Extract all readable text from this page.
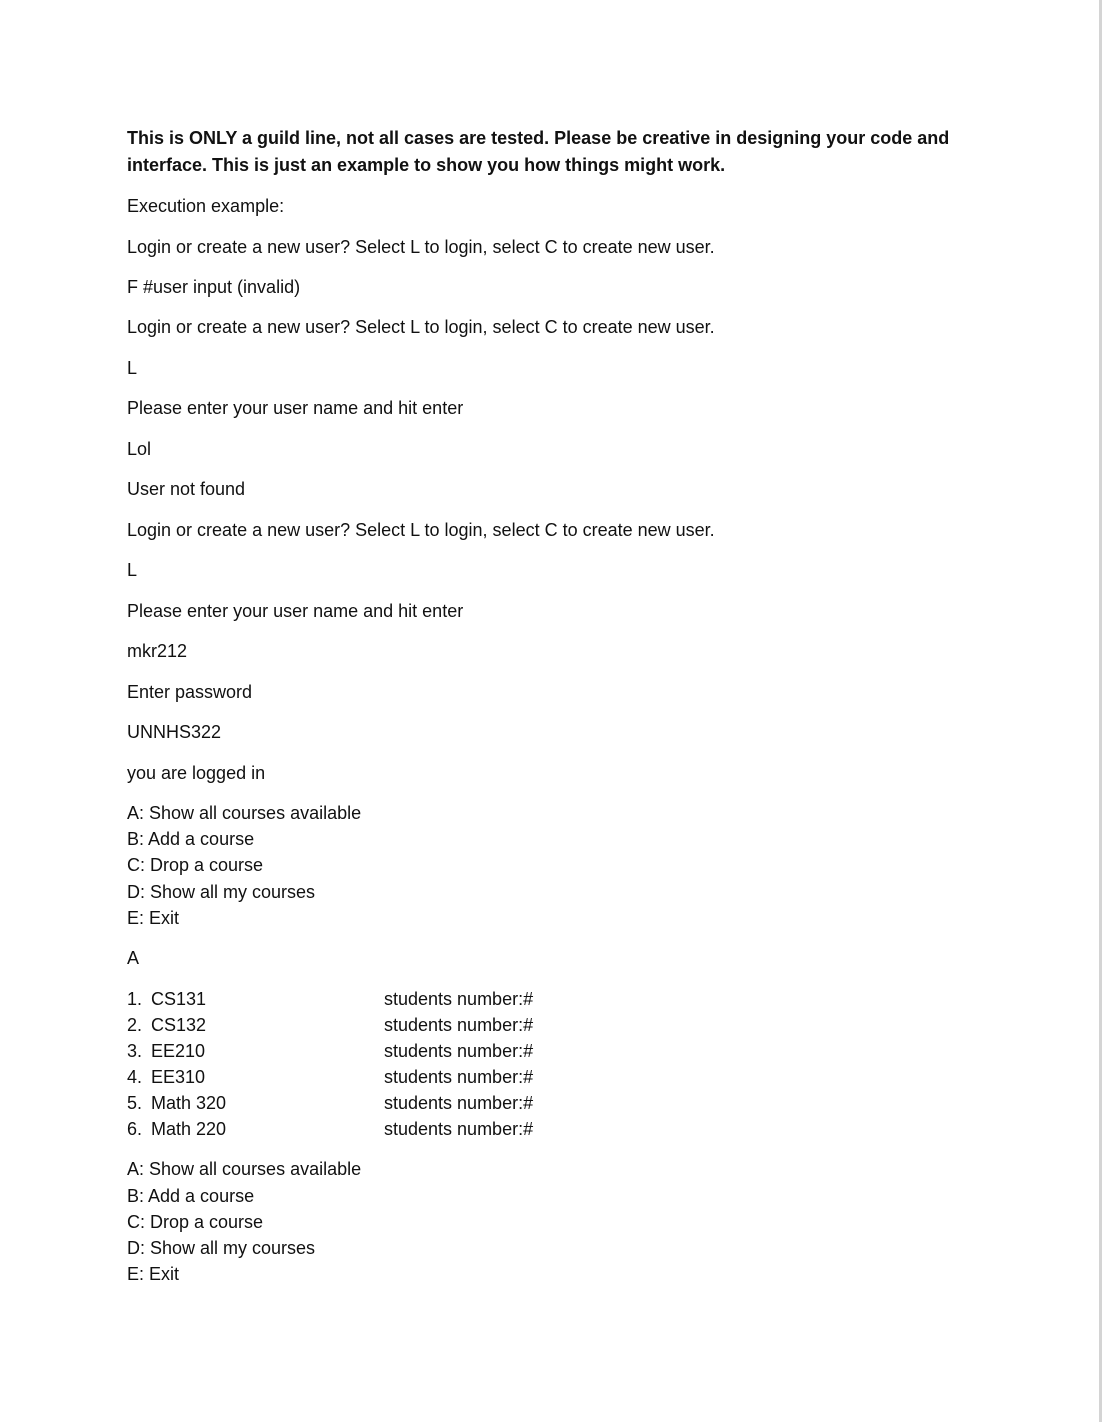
This is ONLY a guild line, not all cases are tested. Please be creative in designing your code and
interface. This is just an example to show you how things might work.
Execution example:
Login or create a new user? Select L to login, select C to create new user.
F #user input (invalid)
Login or create a new user? Select L to login, select C to create new user.
L
Please enter your user name and hit enter
Lol
User not found
Login or create a new user? Select L to login, select C to create new user.
L
Please enter your user name and hit enter
mkr212
Enter password
UNNHS322
you are logged in
A: Show all courses available
B: Add a course
C: Drop a course
D: Show all my courses
E: Exit
A
1. CS131	students number:#
2. CS132	students number:#
3. EE210	students number:#
4. EE310	students number:#
5. Math 320	students number:#
6. Math 220	students number:#
A: Show all courses available
B: Add a course
C: Drop a course
D: Show all my courses
E: Exit
